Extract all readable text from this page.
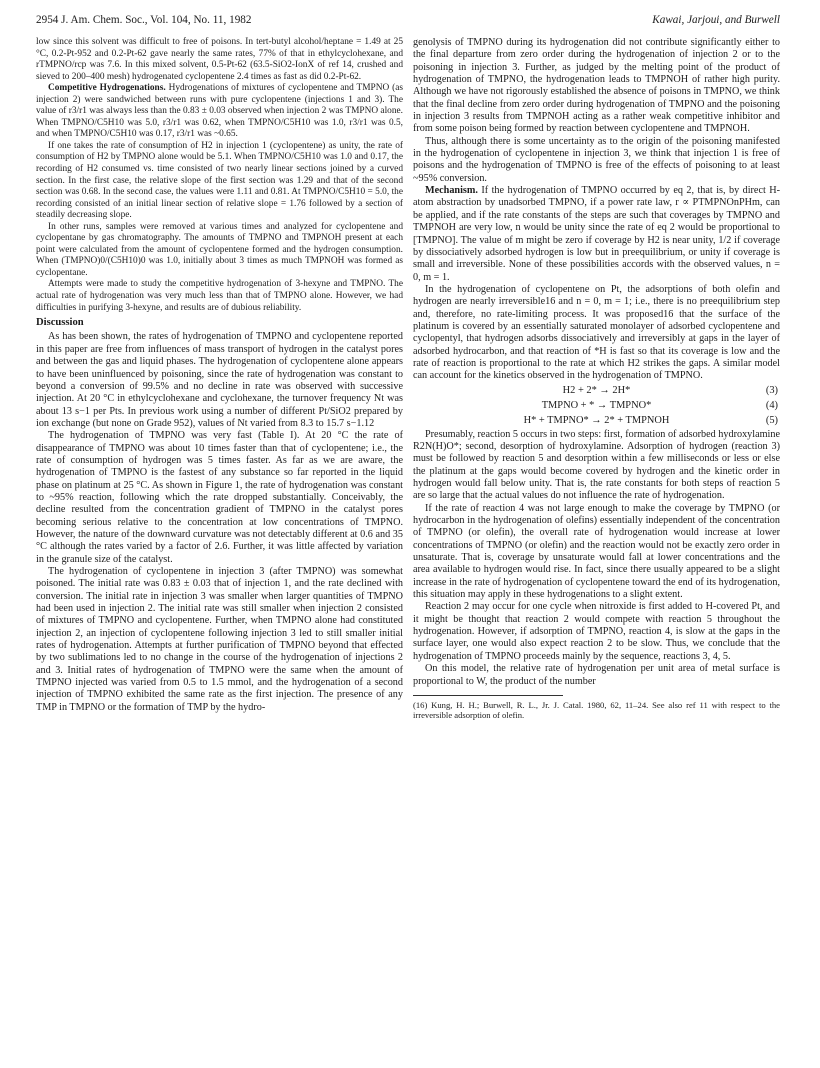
2954 J. Am. Chem. Soc., Vol. 104, No. 11, 1982	Kawai, Jarjoui, and Burwell

low since this solvent was difficult to free of poisons. In tert-butyl alcohol/heptane = 1.49 at 25 °C, 0.2-Pt-952 and 0.2-Pt-62 gave nearly the same rates, 77% of that in ethylcyclohexane, and rTMPNO/rcp was 7.6. In this mixed solvent, 0.5-Pt-62 (63.5-SiO2-IonX of ref 14, crushed and sieved to 200–400 mesh) hydrogenated cyclopentene 2.4 times as fast as did 0.2-Pt-62.

Competitive Hydrogenations. Hydrogenations of mixtures of cyclopentene and TMPNO (as injection 2) were sandwiched between runs with pure cyclopentene (injections 1 and 3). The value of r3/r1 was always less than the 0.83 ± 0.03 observed when injection 2 was TMPNO alone. When TMPNO/C5H10 was 5.0, r3/r1 was 0.62, when TMPNO/C5H10 was 1.0, r3/r1 was 0.5, and when TMPNO/C5H10 was 0.17, r3/r1 was ~0.65.

If one takes the rate of consumption of H2 in injection 1 (cyclopentene) as unity, the rate of consumption of H2 by TMPNO alone would be 5.1. When TMPNO/C5H10 was 1.0 and 0.17, the recording of H2 consumed vs. time consisted of two nearly linear sections joined by a curved section. In the first case, the relative slope of the first section was 1.29 and that of the second section was 0.68. In the second case, the values were 1.11 and 0.81. At TMPNO/C5H10 = 5.0, the recording consisted of an initial linear section of relative slope = 1.76 followed by a section of steadily decreasing slope.

In other runs, samples were removed at various times and analyzed for cyclopentene and cyclopentane by gas chromatography. The amounts of TMPNO and TMPNOH present at each point were calculated from the amount of cyclopentene formed and the hydrogen consumption. When (TMPNO)0/(C5H10)0 was 1.0, initially about 3 times as much TMPNOH was formed as cyclopentane.

Attempts were made to study the competitive hydrogenation of 3-hexyne and TMPNO. The actual rate of hydrogenation was very much less than that of TMPNO alone. However, we had difficulties in purifying 3-hexyne, and results are of dubious reliability.

Discussion

As has been shown, the rates of hydrogenation of TMPNO and cyclopentene reported in this paper are free from influences of mass transport of hydrogen in the catalyst pores and between the gas and liquid phases. The hydrogenation of cyclopentene alone appears to have been uninfluenced by poisoning, since the rate of hydrogenation was constant to beyond a conversion of 99.5% and no decline in rate was observed with successive injection. At 20 °C in ethylcyclohexane and cyclohexane, the turnover frequency Nt was about 13 s−1 per Pts. In previous work using a number of different Pt/SiO2 prepared by ion exchange (but none on Grade 952), values of Nt varied from 8.3 to 15.7 s−1.12

The hydrogenation of TMPNO was very fast (Table I). At 20 °C the rate of disappearance of TMPNO was about 10 times faster than that of cyclopentene; i.e., the rate of consumption of hydrogen was 5 times faster. As far as we are aware, the hydrogenation of TMPNO is the fastest of any substance so far reported in the liquid phase on platinum at 25 °C. As shown in Figure 1, the rate of hydrogenation was constant to ~95% reaction, following which the rate dropped substantially. Conceivably, the decline resulted from the concentration gradient of TMPNO in the catalyst pores becoming serious relative to the concentration at low concentrations of TMPNO. However, the nature of the downward curvature was not detectably different at 0.6 and 35 °C although the rates varied by a factor of 2.6. Further, it was little affected by variation in the granule size of the catalyst.

The hydrogenation of cyclopentene in injection 3 (after TMPNO) was somewhat poisoned. The initial rate was 0.83 ± 0.03 that of injection 1, and the rate declined with conversion. The initial rate in injection 3 was smaller when larger quantities of TMPNO had been used in injection 2. The initial rate was still smaller when injection 2 consisted of mixtures of TMPNO and cyclopentene. Further, when TMPNO alone had constituted injection 2, an injection of cyclopentene following injection 3 led to still smaller initial rates of hydrogenation. Attempts at further purification of TMPNO beyond that effected by two sublimations led to no change in the course of the hydrogenation of injections 2 and 3. Initial rates of hydrogenation of TMPNO were the same when the amount of TMPNO injected was varied from 0.5 to 1.5 mmol, and the hydrogenation of a second injection of TMPNO exhibited the same rate as the first injection. The presence of any TMP in TMPNO or the formation of TMP by the hydro-

genolysis of TMPNO during its hydrogenation did not contribute significantly either to the final departure from zero order during the hydrogenation of injection 2 or to the poisoning in injection 3. Further, as judged by the melting point of the product of hydrogenation of TMPNO, the hydrogenation leads to TMPNOH of rather high purity. Although we have not rigorously established the absence of poisons in TMPNO, we think that the final decline from zero order during hydrogenation of TMPNO and the poisoning in injection 3 results from TMPNOH acting as a rather weak competitive inhibitor and from some poison being formed by reaction between cyclopentene and TMPNOH.

Thus, although there is some uncertainty as to the origin of the poisoning manifested in the hydrogenation of cyclopentene in injection 3, we think that injection 1 is free of poisons and the hydrogenation of TMPNO is free of the effects of poisoning to at least ~95% conversion.

Mechanism. If the hydrogenation of TMPNO occurred by eq 2, that is, by direct H-atom abstraction by unadsorbed TMPNO, if a power rate law, r ∝ PTMPNOnPHm, can be applied, and if the rate constants of the steps are such that coverages by TMPNO and TMPNOH are very low, n would be unity since the rate of eq 2 would be proportional to [TMPNO]. The value of m might be zero if coverage by H2 is near unity, 1/2 if coverage by dissociatively adsorbed hydrogen is low but in preequilibrium, or unity if coverage is small and irreversible. None of these possibilities accords with the observed values, n = 0, m = 1.

In the hydrogenation of cyclopentene on Pt, the adsorptions of both olefin and hydrogen are nearly irreversible16 and n = 0, m = 1; i.e., there is no preequilibrium step and, therefore, no rate-limiting process. It was proposed16 that the surface of the platinum is covered by an essentially saturated monolayer of adsorbed cyclopentene and cyclopentyl, that hydrogen adsorbs dissociatively and irreversibly at gaps in the layer of adsorbed hydrocarbon, and that reaction of *H is fast so that its coverage is low and the rate of reaction is proportional to the rate at which H2 strikes the gaps. A similar model can account for the kinetics observed in the hydrogenation of TMPNO.

H2 + 2* → 2H*	(3)
TMPNO + * → TMPNO*	(4)
H* + TMPNO* → 2* + TMPNOH	(5)

Presumably, reaction 5 occurs in two steps: first, formation of adsorbed hydroxylamine R2N(H)O*; second, desorption of hydroxylamine. Adsorption of hydrogen (reaction 3) must be followed by reaction 5 and desorption within a few milliseconds or less or else the platinum at the gaps would become covered by hydrogen and the kinetic order in hydrogen would fall below unity. That is, the rate constants for both steps of reaction 5 are so large that the actual values do not influence the rate of hydrogenation.

If the rate of reaction 4 was not large enough to make the coverage by TMPNO (or hydrocarbon in the hydrogenation of olefins) essentially independent of the concentration of TMPNO (or olefin), the overall rate of hydrogenation would increase at lower concentrations of TMPNO (or olefin) and the reaction would not be exactly zero order in unsaturate. That is, coverage by unsaturate would fall at lower concentrations and the area available to hydrogen would rise. In fact, since there usually appeared to be a slight increase in the rate of hydrogenation of cyclopentene toward the end of its hydrogenation, this situation may apply in these hydrogenations to a slight extent.

Reaction 2 may occur for one cycle when nitroxide is first added to H-covered Pt, and it might be thought that reaction 2 would compete with reaction 5 throughout the hydrogenation. However, if adsorption of TMPNO, reaction 4, is slow at the gaps in the surface layer, one would also expect reaction 2 to be slow. Thus, we conclude that the hydrogenation of TMPNO proceeds mainly by the sequence, reactions 3, 4, 5.

On this model, the relative rate of hydrogenation per unit area of metal surface is proportional to W, the product of the number

(16) Kung, H. H.; Burwell, R. L., Jr. J. Catal. 1980, 62, 11–24. See also ref 11 with respect to the irreversible adsorption of olefin.
